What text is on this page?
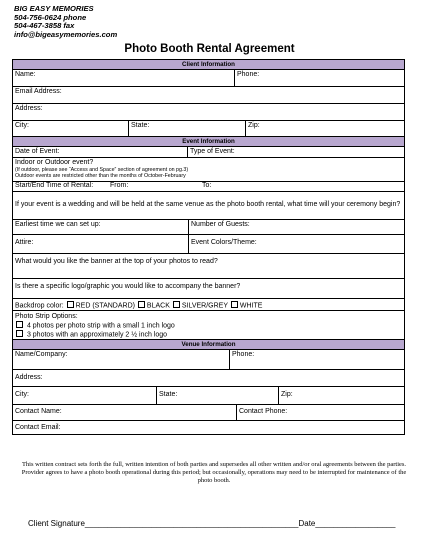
BIG EASY MEMORIES
504-756-0624 phone
504-467-3858 fax
info@bigeasymemories.com
Photo Booth Rental Agreement
Client Information
Name:	Phone:
Email Address:
Address:
City:	State:	Zip:
Event Information
Date of Event:	Type of Event:
Indoor or Outdoor event?
(If outdoor, please see “Access and Space” section of agreement on pg.3)
Outdoor events are restricted other than the months of October-February
Start/End Time of Rental:	From:	To:
If your event is a wedding and will be held at the same venue as the photo booth rental, what time will your ceremony begin?
Earliest time we can set up:	Number of Guests:
Attire:	Event Colors/Theme:
What would you like the banner at the top of your photos to read?
Is there a specific logo/graphic you would like to accompany the banner?
Backdrop color: RED (STANDARD) BLACK SILVER/GREY WHITE
Photo Strip Options:
4 photos per photo strip with a small 1 inch logo
3 photos with an approximately 2 ½ inch logo
Venue Information
Name/Company:	Phone:
Address:
City:	State:	Zip:
Contact Name:	Contact Phone:
Contact Email:
This written contract sets forth the full, written intention of both parties and supersedes all other written and/or oral agreements between the parties. Provider agrees to have a photo booth operational during this period; but occasionally, operations may need to be interrupted for maintenance of the photo booth.
Client Signature________________________________________________Date__________________
